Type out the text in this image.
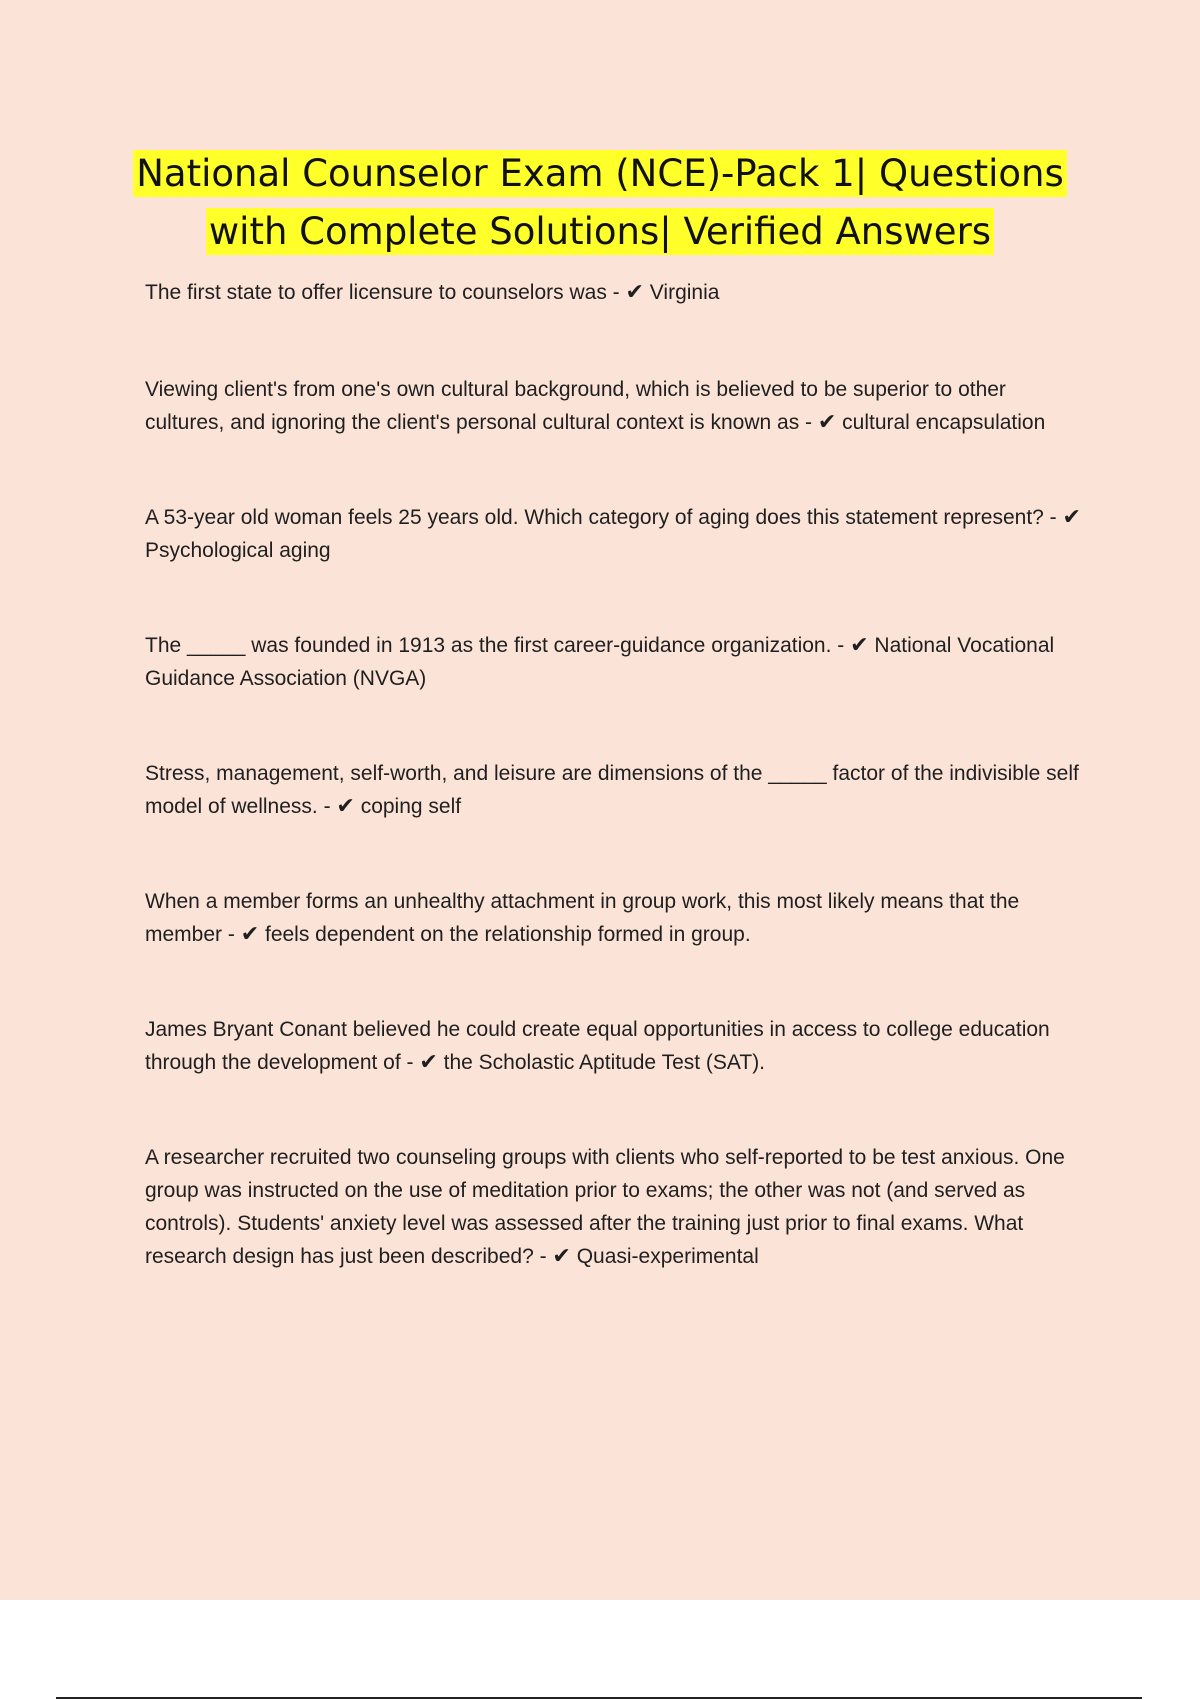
National Counselor Exam (NCE)-Pack 1| Questions
with Complete Solutions| Verified Answers

The first state to offer licensure to counselors was - ✔ Virginia

Viewing client's from one's own cultural background, which is believed to be superior to other cultures, and ignoring the client's personal cultural context is known as - ✔ cultural encapsulation

A 53-year old woman feels 25 years old. Which category of aging does this statement represent? - ✔ Psychological aging

The _____ was founded in 1913 as the first career-guidance organization. - ✔ National Vocational Guidance Association (NVGA)

Stress, management, self-worth, and leisure are dimensions of the _____ factor of the indivisible self model of wellness. - ✔ coping self

When a member forms an unhealthy attachment in group work, this most likely means that the member - ✔ feels dependent on the relationship formed in group.

James Bryant Conant believed he could create equal opportunities in access to college education through the development of - ✔ the Scholastic Aptitude Test (SAT).

A researcher recruited two counseling groups with clients who self-reported to be test anxious. One group was instructed on the use of meditation prior to exams; the other was not (and served as controls). Students' anxiety level was assessed after the training just prior to final exams. What research design has just been described? - ✔ Quasi-experimental
